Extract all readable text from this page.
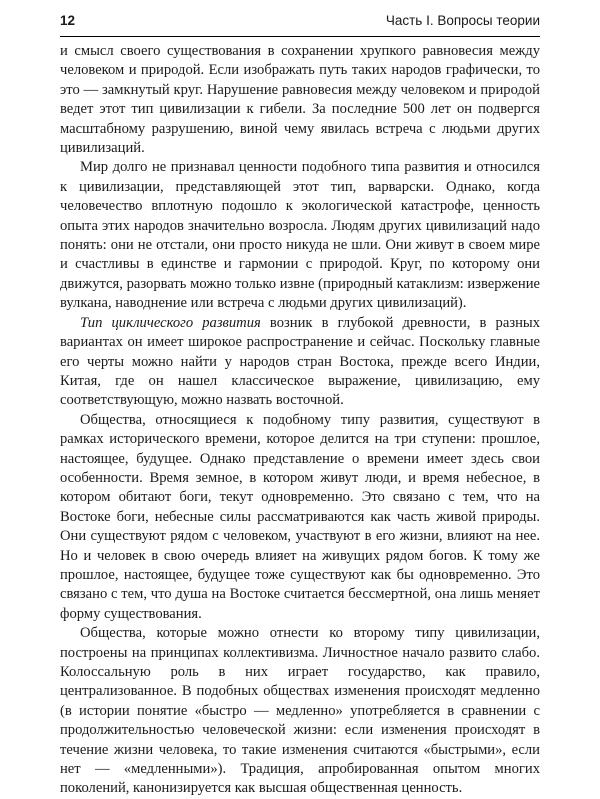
12	Часть I. Вопросы теории

и смысл своего существования в сохранении хрупкого равновесия между человеком и природой. Если изображать путь таких народов графически, то это — замкнутый круг. Нарушение равновесия между человеком и природой ведет этот тип цивилизации к гибели. За последние 500 лет он подвергся масштабному разрушению, виной чему явилась встреча с людьми других цивилизаций.

Мир долго не признавал ценности подобного типа развития и относился к цивилизации, представляющей этот тип, варварски. Однако, когда человечество вплотную подошло к экологической катастрофе, ценность опыта этих народов значительно возросла. Людям других цивилизаций надо понять: они не отстали, они просто никуда не шли. Они живут в своем мире и счастливы в единстве и гармонии с природой. Круг, по которому они движутся, разорвать можно только извне (природный катаклизм: извержение вулкана, наводнение или встреча с людьми других цивилизаций).

Тип циклического развития возник в глубокой древности, в разных вариантах он имеет широкое распространение и сейчас. Поскольку главные его черты можно найти у народов стран Востока, прежде всего Индии, Китая, где он нашел классическое выражение, цивилизацию, ему соответствующую, можно назвать восточной.

Общества, относящиеся к подобному типу развития, существуют в рамках исторического времени, которое делится на три ступени: прошлое, настоящее, будущее. Однако представление о времени имеет здесь свои особенности. Время земное, в котором живут люди, и время небесное, в котором обитают боги, текут одновременно. Это связано с тем, что на Востоке боги, небесные силы рассматриваются как часть живой природы. Они существуют рядом с человеком, участвуют в его жизни, влияют на нее. Но и человек в свою очередь влияет на живущих рядом богов. К тому же прошлое, настоящее, будущее тоже существуют как бы одновременно. Это связано с тем, что душа на Востоке считается бессмертной, она лишь меняет форму существования.

Общества, которые можно отнести ко второму типу цивилизации, построены на принципах коллективизма. Личностное начало развито слабо. Колоссальную роль в них играет государство, как правило, централизованное. В подобных обществах изменения происходят медленно (в истории понятие «быстро — медленно» употребляется в сравнении с продолжительностью человеческой жизни: если изменения происходят в течение жизни человека, то такие изменения считаются «быстрыми», если нет — «медленными»). Традиция, апробированная опытом многих поколений, канонизируется как высшая общественная ценность.
